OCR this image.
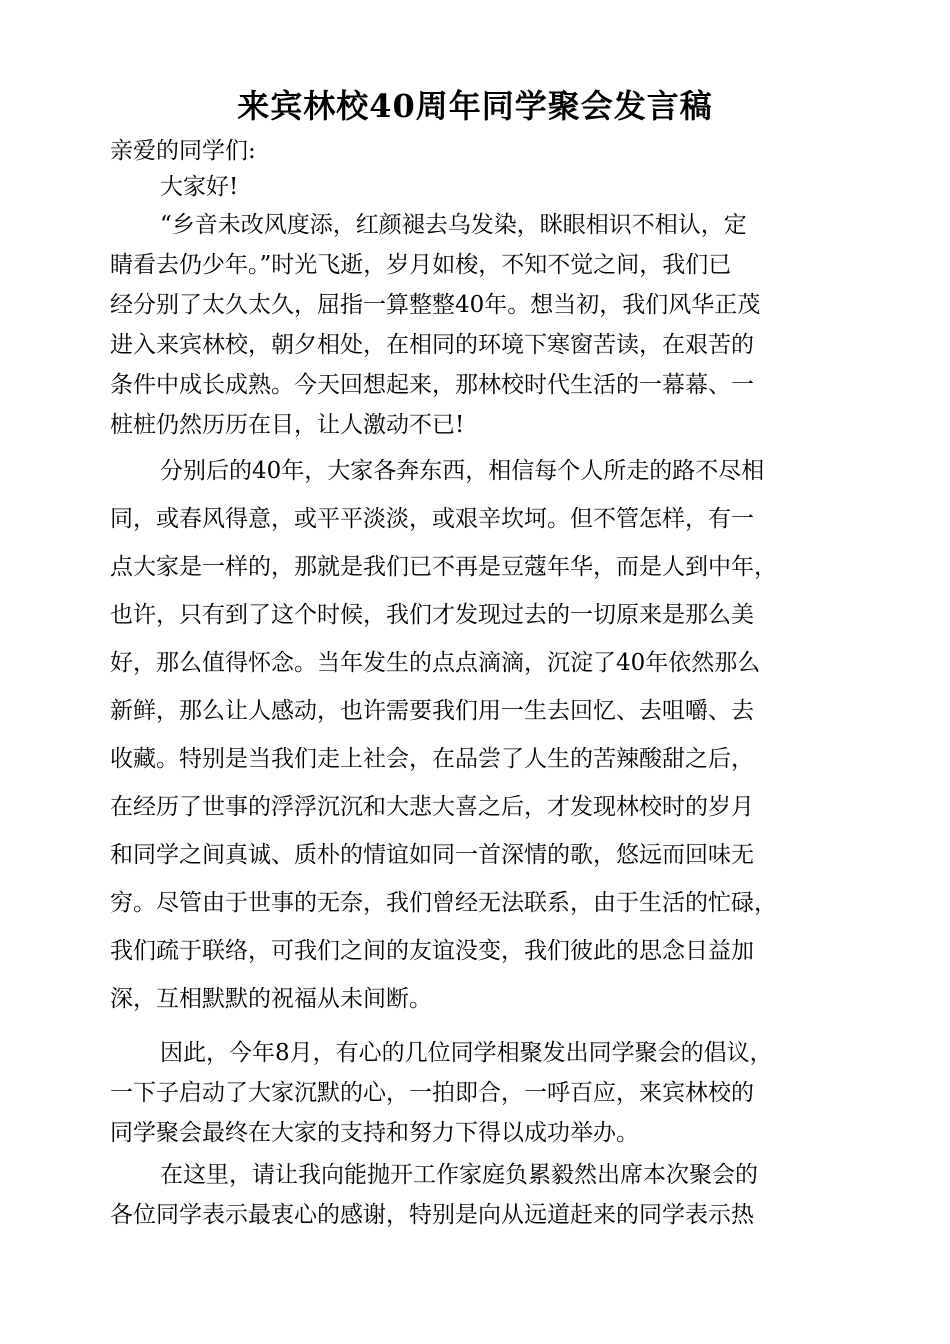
来宾林校40周年同学聚会发言稿
亲爱的同学们:
大家好!
“乡音未改风度添，红颜褪去乌发染，眯眼相识不相认，定
睛看去仍少年。”时光飞逝，岁月如梭，不知不觉之间，我们已
经分别了太久太久，屈指一算整整40年。想当初，我们风华正茂
进入来宾林校，朝夕相处，在相同的环境下寒窗苦读，在艰苦的
条件中成长成熟。今天回想起来，那林校时代生活的一幕幕、一
桩桩仍然历历在目，让人激动不已!
分别后的40年，大家各奔东西，相信每个人所走的路不尽相
同，或春风得意，或平平淡淡，或艰辛坎坷。但不管怎样，有一
点大家是一样的，那就是我们已不再是豆蔻年华，而是人到中年，
也许，只有到了这个时候，我们才发现过去的一切原来是那么美
好，那么值得怀念。当年发生的点点滴滴，沉淀了40年依然那么
新鲜，那么让人感动，也许需要我们用一生去回忆、去咀嚼、去
收藏。特别是当我们走上社会，在品尝了人生的苦辣酸甜之后，
在经历了世事的浮浮沉沉和大悲大喜之后，才发现林校时的岁月
和同学之间真诚、质朴的情谊如同一首深情的歌，悠远而回味无
穷。尽管由于世事的无奈，我们曾经无法联系，由于生活的忙碌，
我们疏于联络，可我们之间的友谊没变，我们彼此的思念日益加
深，互相默默的祝福从未间断。
因此，今年8月，有心的几位同学相聚发出同学聚会的倡议，
一下子启动了大家沉默的心，一拍即合，一呼百应，来宾林校的
同学聚会最终在大家的支持和努力下得以成功举办。
在这里，请让我向能抛开工作家庭负累毅然出席本次聚会的
各位同学表示最衷心的感谢，特别是向从远道赶来的同学表示热
